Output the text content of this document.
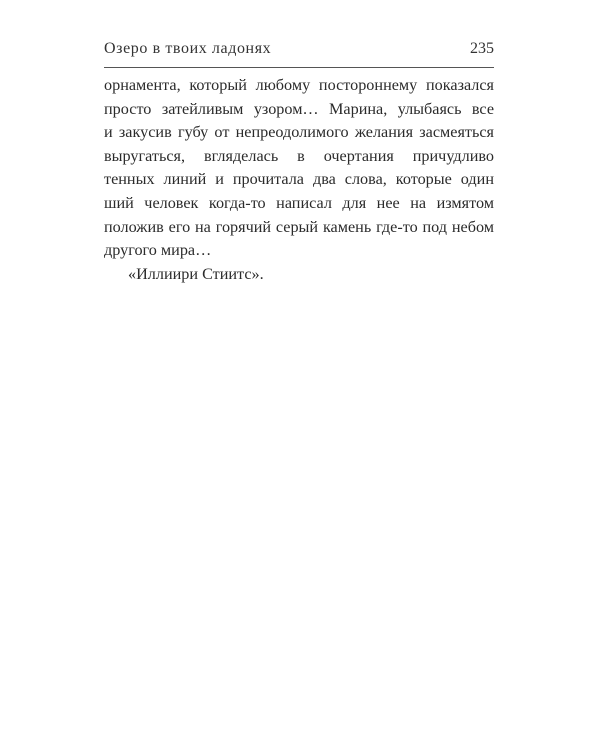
Озеро в твоих ладонях	235
орнамента, который любому постороннему показался
просто затейливым узором… Марина, улыбаясь все
и закусив губу от непреодолимого желания засмеяться
выругаться, вгляделась в очертания причудливо
тенных линий и прочитала два слова, которые один
ший человек когда-то написал для нее на измятом
положив его на горячий серый камень где-то под небом
другого мира…
«Иллиири Стиитс».
